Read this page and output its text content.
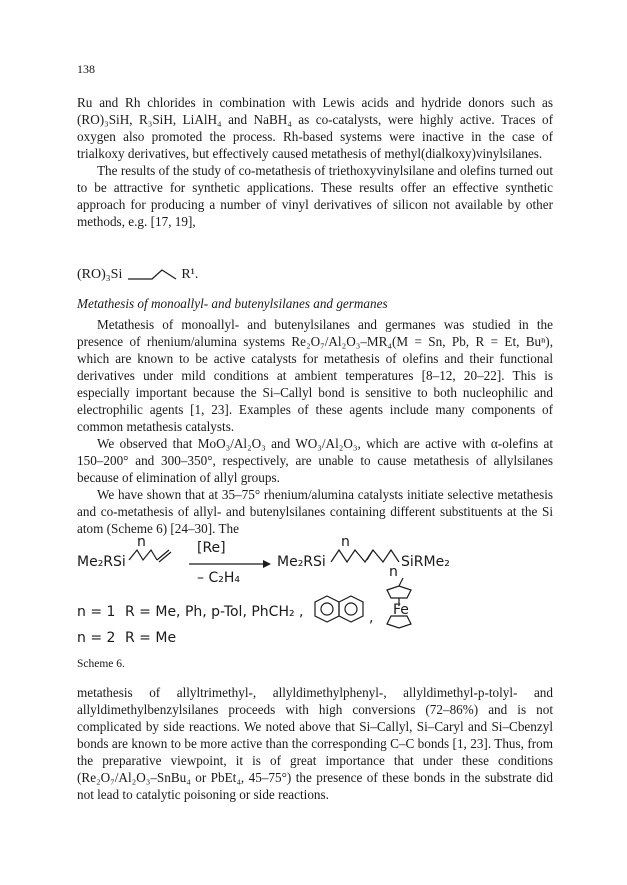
138

Ru and Rh chlorides in combination with Lewis acids and hydride donors such as (RO)₃SiH, R₃SiH, LiAlH₄ and NaBH₄ as co-catalysts, were highly active. Traces of oxygen also promoted the process. Rh-based systems were inactive in the case of trialkoxy derivatives, but effectively caused metathesis of methyl(dialkoxy)vinylsilanes.

The results of the study of co-metathesis of triethoxyvinylsilane and olefins turned out to be attractive for synthetic applications. These results offer an effective synthetic approach for producing a number of vinyl derivatives of silicon not available by other methods, e.g. [17, 19],

(RO)₃Si	R¹.
Metathesis of monoallyl- and butenylsilanes and germanes

Metathesis of monoallyl- and butenylsilanes and germanes was studied in the presence of rhenium/alumina systems Re₂O₇/Al₂O₃–MR₄(M = Sn, Pb, R = Et, Buⁿ), which are known to be active catalysts for metathesis of olefins and their functional derivatives under mild conditions at ambient temperatures [8–12, 20–22]. This is especially important because the Si–Callyl bond is sensitive to both nucleophilic and electrophilic agents [1, 23]. Examples of these agents include many components of common metathesis catalysts.

We observed that MoO₃/Al₂O₃ and WO₃/Al₂O₃, which are active with α-olefins at 150–200° and 300–350°, respectively, are unable to cause metathesis of allylsilanes because of elimination of allyl groups.

We have shown that at 35–75° rhenium/alumina catalysts initiate selective metathesis and co-metathesis of allyl- and butenylsilanes containing different substituents at the Si atom (Scheme 6) [24–30]. The

Me₂RSi
n	[Re]
– C₂H₄
Me₂RSi
n
n
SiRMe₂
n = 1 R = Me, Ph, p-Tol, PhCH₂ ,
n = 2 R = Me
, Fe
Scheme 6.

metathesis of allyltrimethyl-, allyldimethylphenyl-, allyldimethyl-p-tolyl- and allyldimethylbenzylsilanes proceeds with high conversions (72–86%) and is not complicated by side reactions. We noted above that Si–Callyl, Si–Caryl and Si–Cbenzyl bonds are known to be more active than the corresponding C–C bonds [1, 23]. Thus, from the preparative viewpoint, it is of great importance that under these conditions (Re₂O₇/Al₂O₃–SnBu₄ or PbEt₄, 45–75°) the presence of these bonds in the substrate did not lead to catalytic poisoning or side reactions.
